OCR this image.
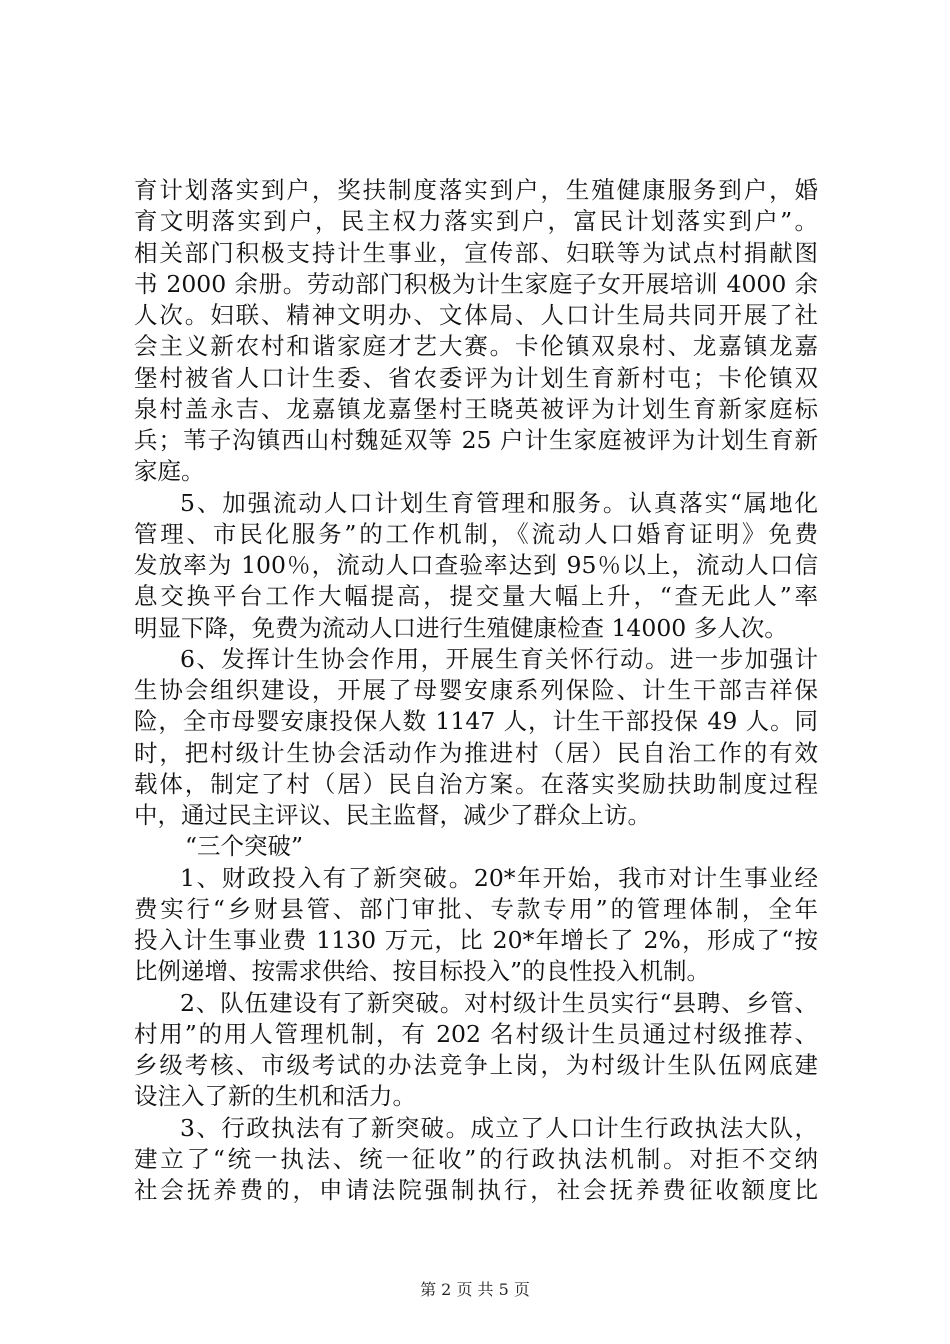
育计划落实到户，奖扶制度落实到户，生殖健康服务到户，婚
育文明落实到户，民主权力落实到户，富民计划落实到户”。
相关部门积极支持计生事业，宣传部、妇联等为试点村捐献图
书 2000 余册。劳动部门积极为计生家庭子女开展培训 4000 余
人次。妇联、精神文明办、文体局、人口计生局共同开展了社
会主义新农村和谐家庭才艺大赛。卡伦镇双泉村、龙嘉镇龙嘉
堡村被省人口计生委、省农委评为计划生育新村屯；卡伦镇双
泉村盖永吉、龙嘉镇龙嘉堡村王晓英被评为计划生育新家庭标
兵；苇子沟镇西山村魏延双等 25 户计生家庭被评为计划生育新
家庭。
5、加强流动人口计划生育管理和服务。认真落实“属地化
管理、市民化服务”的工作机制，《流动人口婚育证明》免费
发放率为 100％，流动人口查验率达到 95％以上，流动人口信
息交换平台工作大幅提高，提交量大幅上升，“查无此人”率
明显下降，免费为流动人口进行生殖健康检查 14000 多人次。
6、发挥计生协会作用，开展生育关怀行动。进一步加强计
生协会组织建设，开展了母婴安康系列保险、计生干部吉祥保
险，全市母婴安康投保人数 1147 人，计生干部投保 49 人。同
时，把村级计生协会活动作为推进村（居）民自治工作的有效
载体，制定了村（居）民自治方案。在落实奖励扶助制度过程
中，通过民主评议、民主监督，减少了群众上访。
“三个突破”
1、财政投入有了新突破。20*年开始，我市对计生事业经
费实行“乡财县管、部门审批、专款专用”的管理体制，全年
投入计生事业费 1130 万元，比 20*年增长了 2%，形成了“按
比例递增、按需求供给、按目标投入”的良性投入机制。
2、队伍建设有了新突破。对村级计生员实行“县聘、乡管、
村用”的用人管理机制，有 202 名村级计生员通过村级推荐、
乡级考核、市级考试的办法竞争上岗，为村级计生队伍网底建
设注入了新的生机和活力。
3、行政执法有了新突破。成立了人口计生行政执法大队，
建立了“统一执法、统一征收”的行政执法机制。对拒不交纳
社会抚养费的，申请法院强制执行，社会抚养费征收额度比
第 2 页 共 5 页
